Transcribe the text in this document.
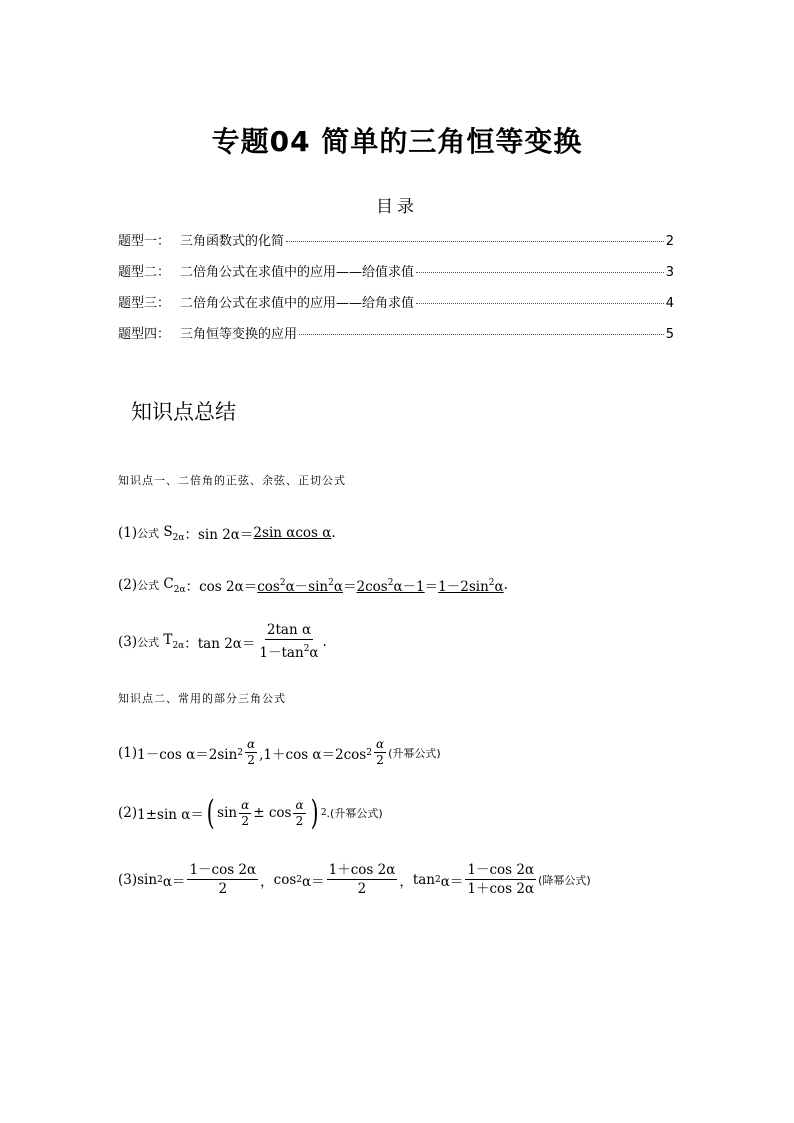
专题04 简单的三角恒等变换
目录
题型一： 三角函数式的化简	2
题型二： 二倍角公式在求值中的应用——给值求值	3
题型三： 二倍角公式在求值中的应用——给角求值	4
题型四： 三角恒等变换的应用	5
知识点总结
知识点一、二倍角的正弦、余弦、正切公式
(1) 公式 $S_{2\alpha}$ ： sin 2α＝ 2sin αcos α .
(2) 公式 $C_{2\alpha}$ ： $\cos 2\alpha= \cos^2\alpha-\sin^2\alpha = 2\cos^2\alpha-1 = 1-2\sin^2\alpha$ .
(3) 公式 $T_{2\alpha}$ ： $\tan 2\alpha= \frac{\text{2tan α}}{1-\tan^2\alpha}$ .
知识点二、常用的部分三角公式
(1) 1－cos α＝2sin $2 \frac{\alpha}{2} ,1+\cos$ α＝2cos $2 \frac{\alpha}{2}$ (升幂公式)
(2) 1±sin α＝ ( $\sin \frac{\alpha}{2}$ ±
$\cos \frac{\alpha}{2}$ ) 2 .(升幂公式)
(3) sin 2 $\alpha= \frac{1-\cos 2\alpha}{2}$ ， cos 2 $\alpha= \frac{1+\cos 2\alpha}{2}$ ， tan 2 $\alpha= \frac{1-\cos 2\alpha}{1+\cos 2\alpha}$ (降幂公式)
